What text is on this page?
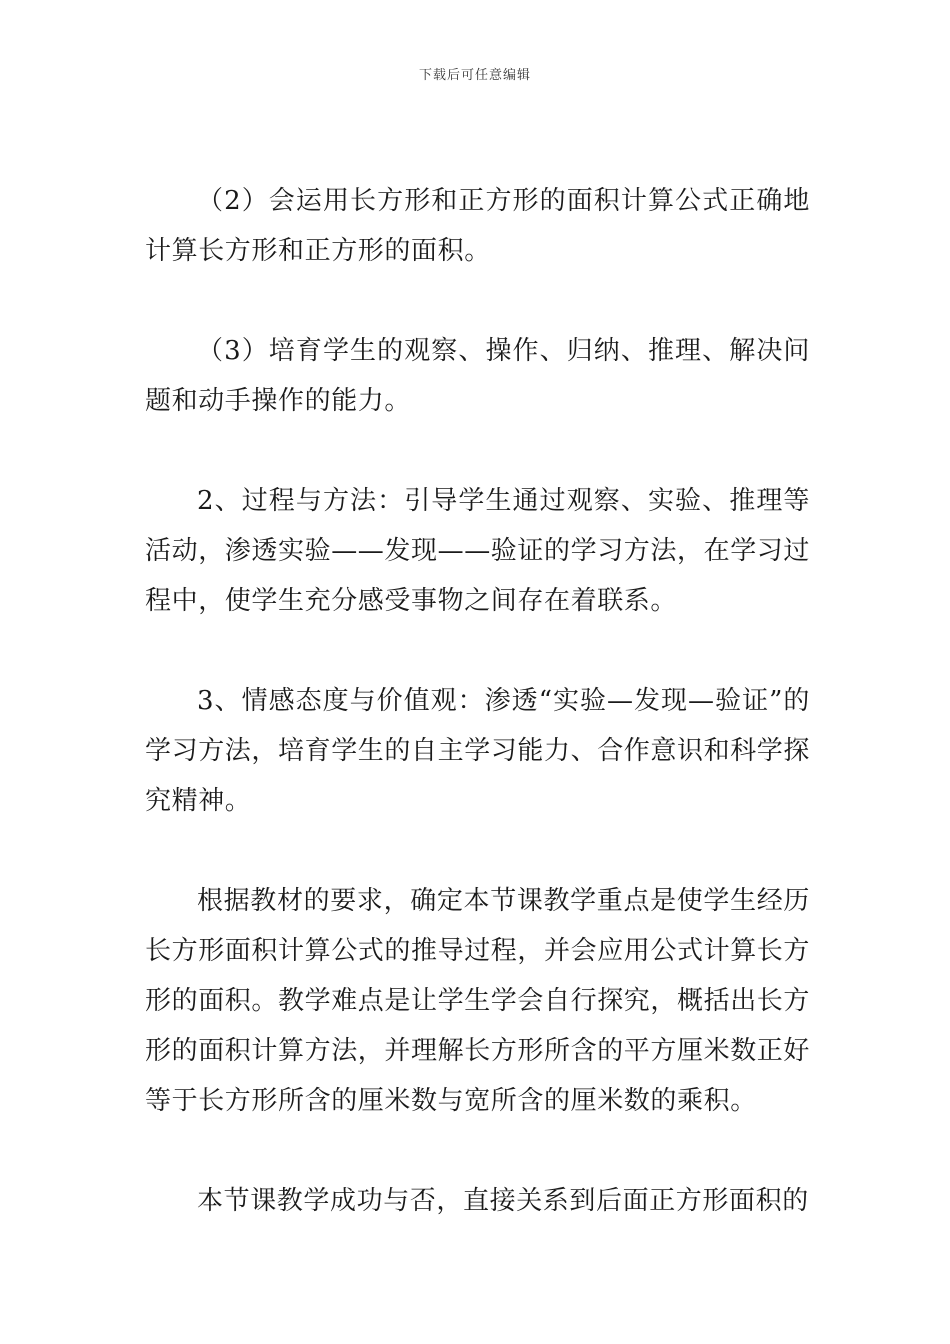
下载后可任意编辑

（2）会运用长方形和正方形的面积计算公式正确地计算长方形和正方形的面积。

（3）培育学生的观察、操作、归纳、推理、解决问题和动手操作的能力。

2、过程与方法：引导学生通过观察、实验、推理等活动，渗透实验——发现——验证的学习方法，在学习过程中，使学生充分感受事物之间存在着联系。

3、情感态度与价值观：渗透“实验—发现—验证”的学习方法，培育学生的自主学习能力、合作意识和科学探究精神。

根据教材的要求，确定本节课教学重点是使学生经历长方形面积计算公式的推导过程，并会应用公式计算长方形的面积。教学难点是让学生学会自行探究，概括出长方形的面积计算方法，并理解长方形所含的平方厘米数正好等于长方形所含的厘米数与宽所含的厘米数的乘积。

本节课教学成功与否，直接关系到后面正方形面积的
